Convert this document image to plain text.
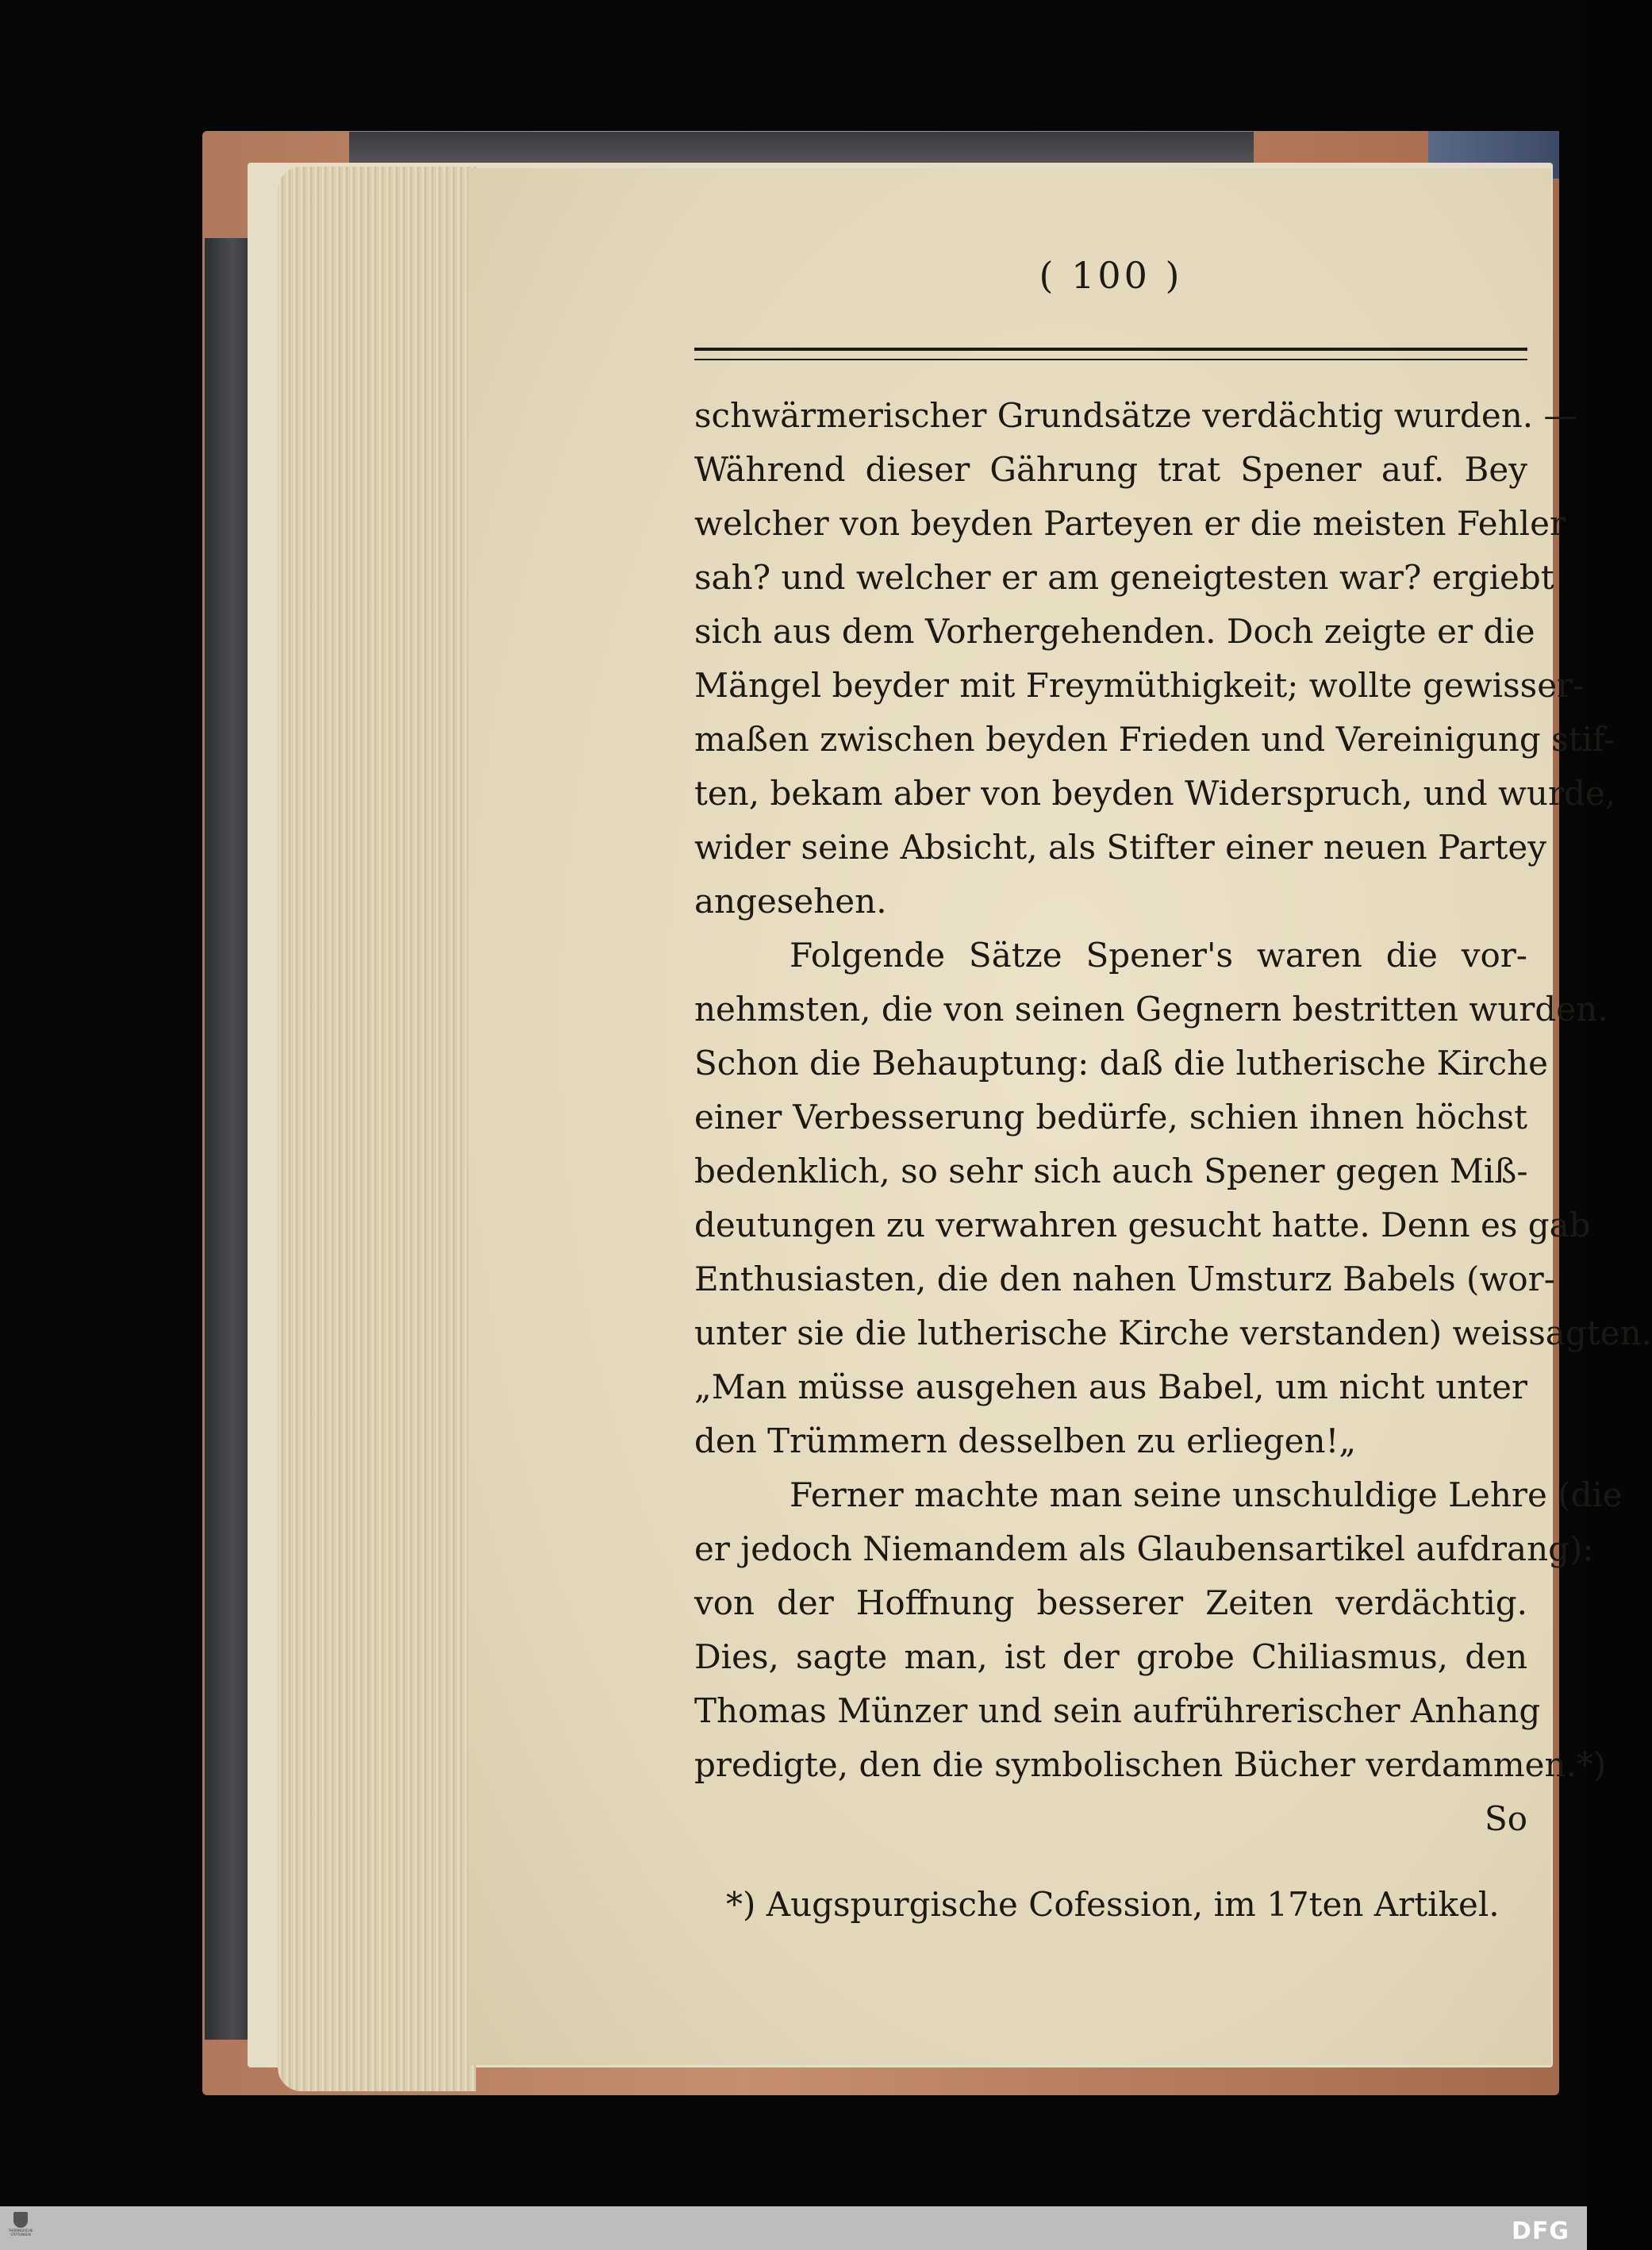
( 100 )
schwärmerischer Grundsätze verdächtig wurden. —
Während dieser Gährung trat Spener auf. Bey
welcher von beyden Parteyen er die meisten Fehler
sah? und welcher er am geneigtesten war? ergiebt
sich aus dem Vorhergehenden. Doch zeigte er die
Mängel beyder mit Freymüthigkeit; wollte gewisser-
maßen zwischen beyden Frieden und Vereinigung stif-
ten, bekam aber von beyden Widerspruch, und wurde,
wider seine Absicht, als Stifter einer neuen Partey
angesehen.
Folgende Sätze Spener's waren die vor-
nehmsten, die von seinen Gegnern bestritten wurden.
Schon die Behauptung: daß die lutherische Kirche
einer Verbesserung bedürfe, schien ihnen höchst
bedenklich, so sehr sich auch Spener gegen Miß-
deutungen zu verwahren gesucht hatte. Denn es gab
Enthusiasten, die den nahen Umsturz Babels (wor-
unter sie die lutherische Kirche verstanden) weissagten.
„Man müsse ausgehen aus Babel, um nicht unter
den Trümmern desselben zu erliegen!„
Ferner machte man seine unschuldige Lehre (die
er jedoch Niemandem als Glaubensartikel aufdrang):
von der Hoffnung besserer Zeiten verdächtig.
Dies, sagte man, ist der grobe Chiliasmus, den
Thomas Münzer und sein aufrührerischer Anhang
predigte, den die symbolischen Bücher verdammen.*)
So
*) Augspurgische Cofession, im 17ten Artikel.
THÜRINGISCHE STIFTUNGEN	DFG
